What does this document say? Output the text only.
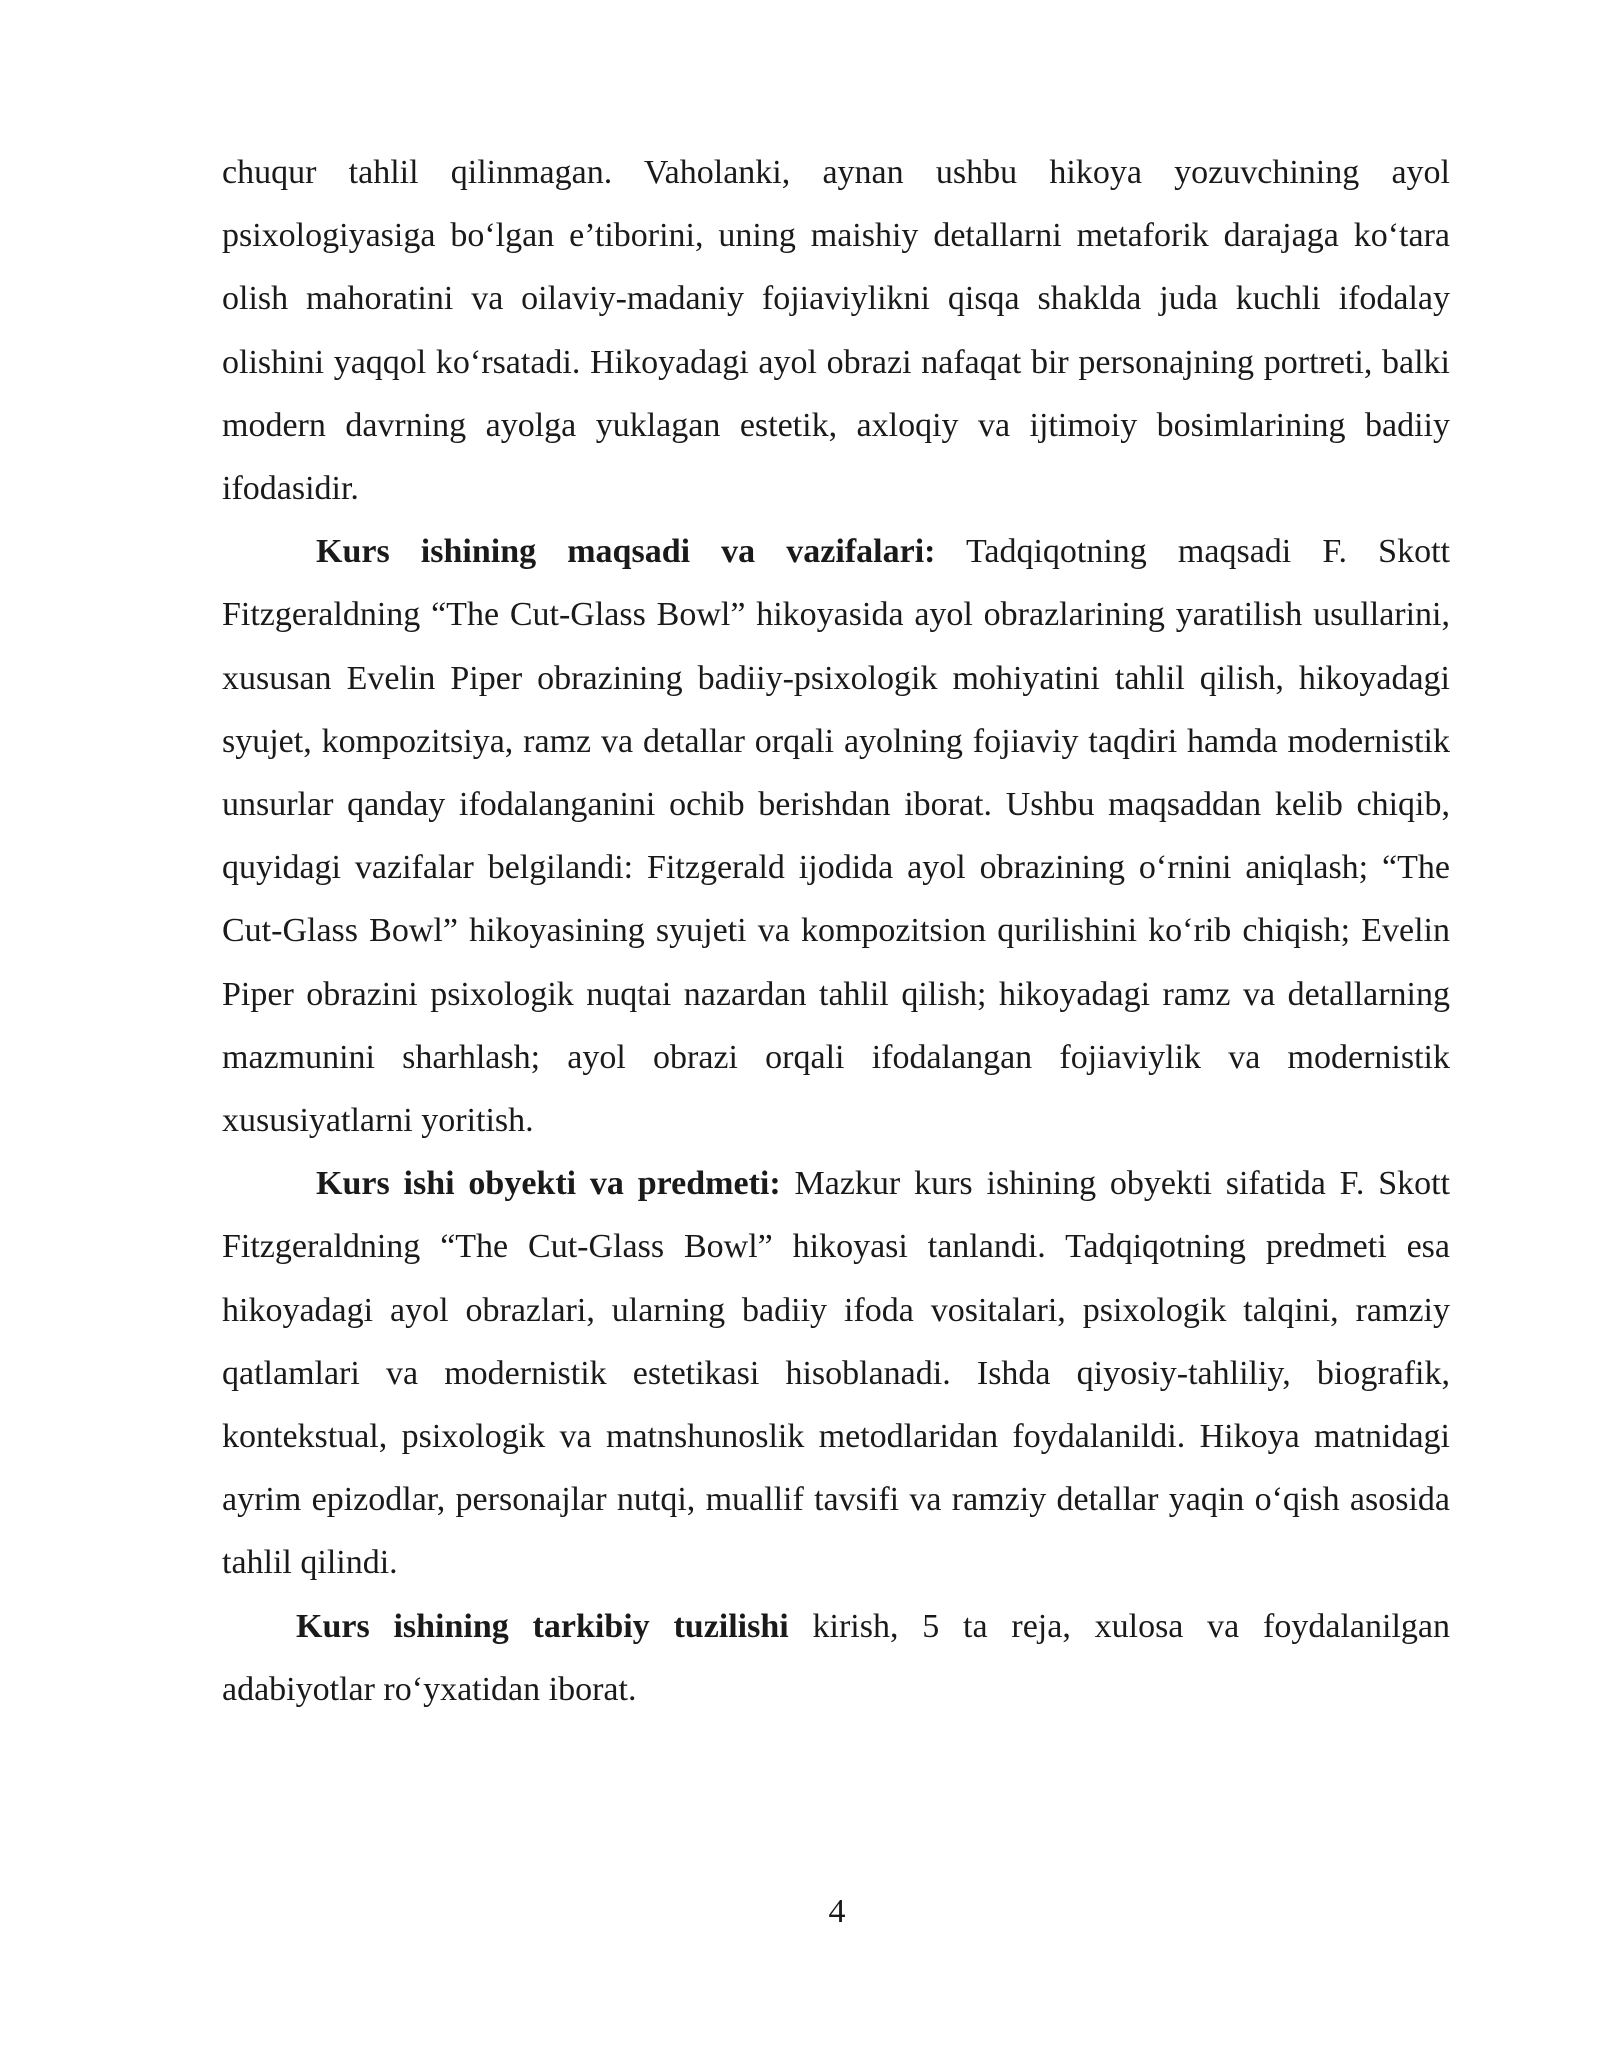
chuqur tahlil qilinmagan. Vaholanki, aynan ushbu hikoya yozuvchining ayol psixologiyasiga bo‘lgan e’tiborini, uning maishiy detallarni metaforik darajaga ko‘tara olish mahoratini va oilaviy-madaniy fojiaviylikni qisqa shaklda juda kuchli ifodalay olishini yaqqol ko‘rsatadi. Hikoyadagi ayol obrazi nafaqat bir personajning portreti, balki modern davrning ayolga yuklagan estetik, axloqiy va ijtimoiy bosimlarining badiiy ifodasidir.

Kurs ishining maqsadi va vazifalari: Tadqiqotning maqsadi F. Skott Fitzgeraldning “The Cut-Glass Bowl” hikoyasida ayol obrazlarining yaratilish usullarini, xususan Evelin Piper obrazining badiiy-psixologik mohiyatini tahlil qilish, hikoyadagi syujet, kompozitsiya, ramz va detallar orqali ayolning fojiaviy taqdiri hamda modernistik unsurlar qanday ifodalanganini ochib berishdan iborat. Ushbu maqsaddan kelib chiqib, quyidagi vazifalar belgilandi: Fitzgerald ijodida ayol obrazining o‘rnini aniqlash; “The Cut-Glass Bowl” hikoyasining syujeti va kompozitsion qurilishini ko‘rib chiqish; Evelin Piper obrazini psixologik nuqtai nazardan tahlil qilish; hikoyadagi ramz va detallarning mazmunini sharhlash; ayol obrazi orqali ifodalangan fojiaviylik va modernistik xususiyatlarni yoritish.

Kurs ishi obyekti va predmeti: Mazkur kurs ishining obyekti sifatida F. Skott Fitzgeraldning “The Cut-Glass Bowl” hikoyasi tanlandi. Tadqiqotning predmeti esa hikoyadagi ayol obrazlari, ularning badiiy ifoda vositalari, psixologik talqini, ramziy qatlamlari va modernistik estetikasi hisoblanadi. Ishda qiyosiy-tahliliy, biografik, kontekstual, psixologik va matnshunoslik metodlaridan foydalanildi. Hikoya matnidagi ayrim epizodlar, personajlar nutqi, muallif tavsifi va ramziy detallar yaqin o‘qish asosida tahlil qilindi.

Kurs ishining tarkibiy tuzilishi kirish, 5 ta reja, xulosa va foydalanilgan adabiyotlar ro‘yxatidan iborat.

4
